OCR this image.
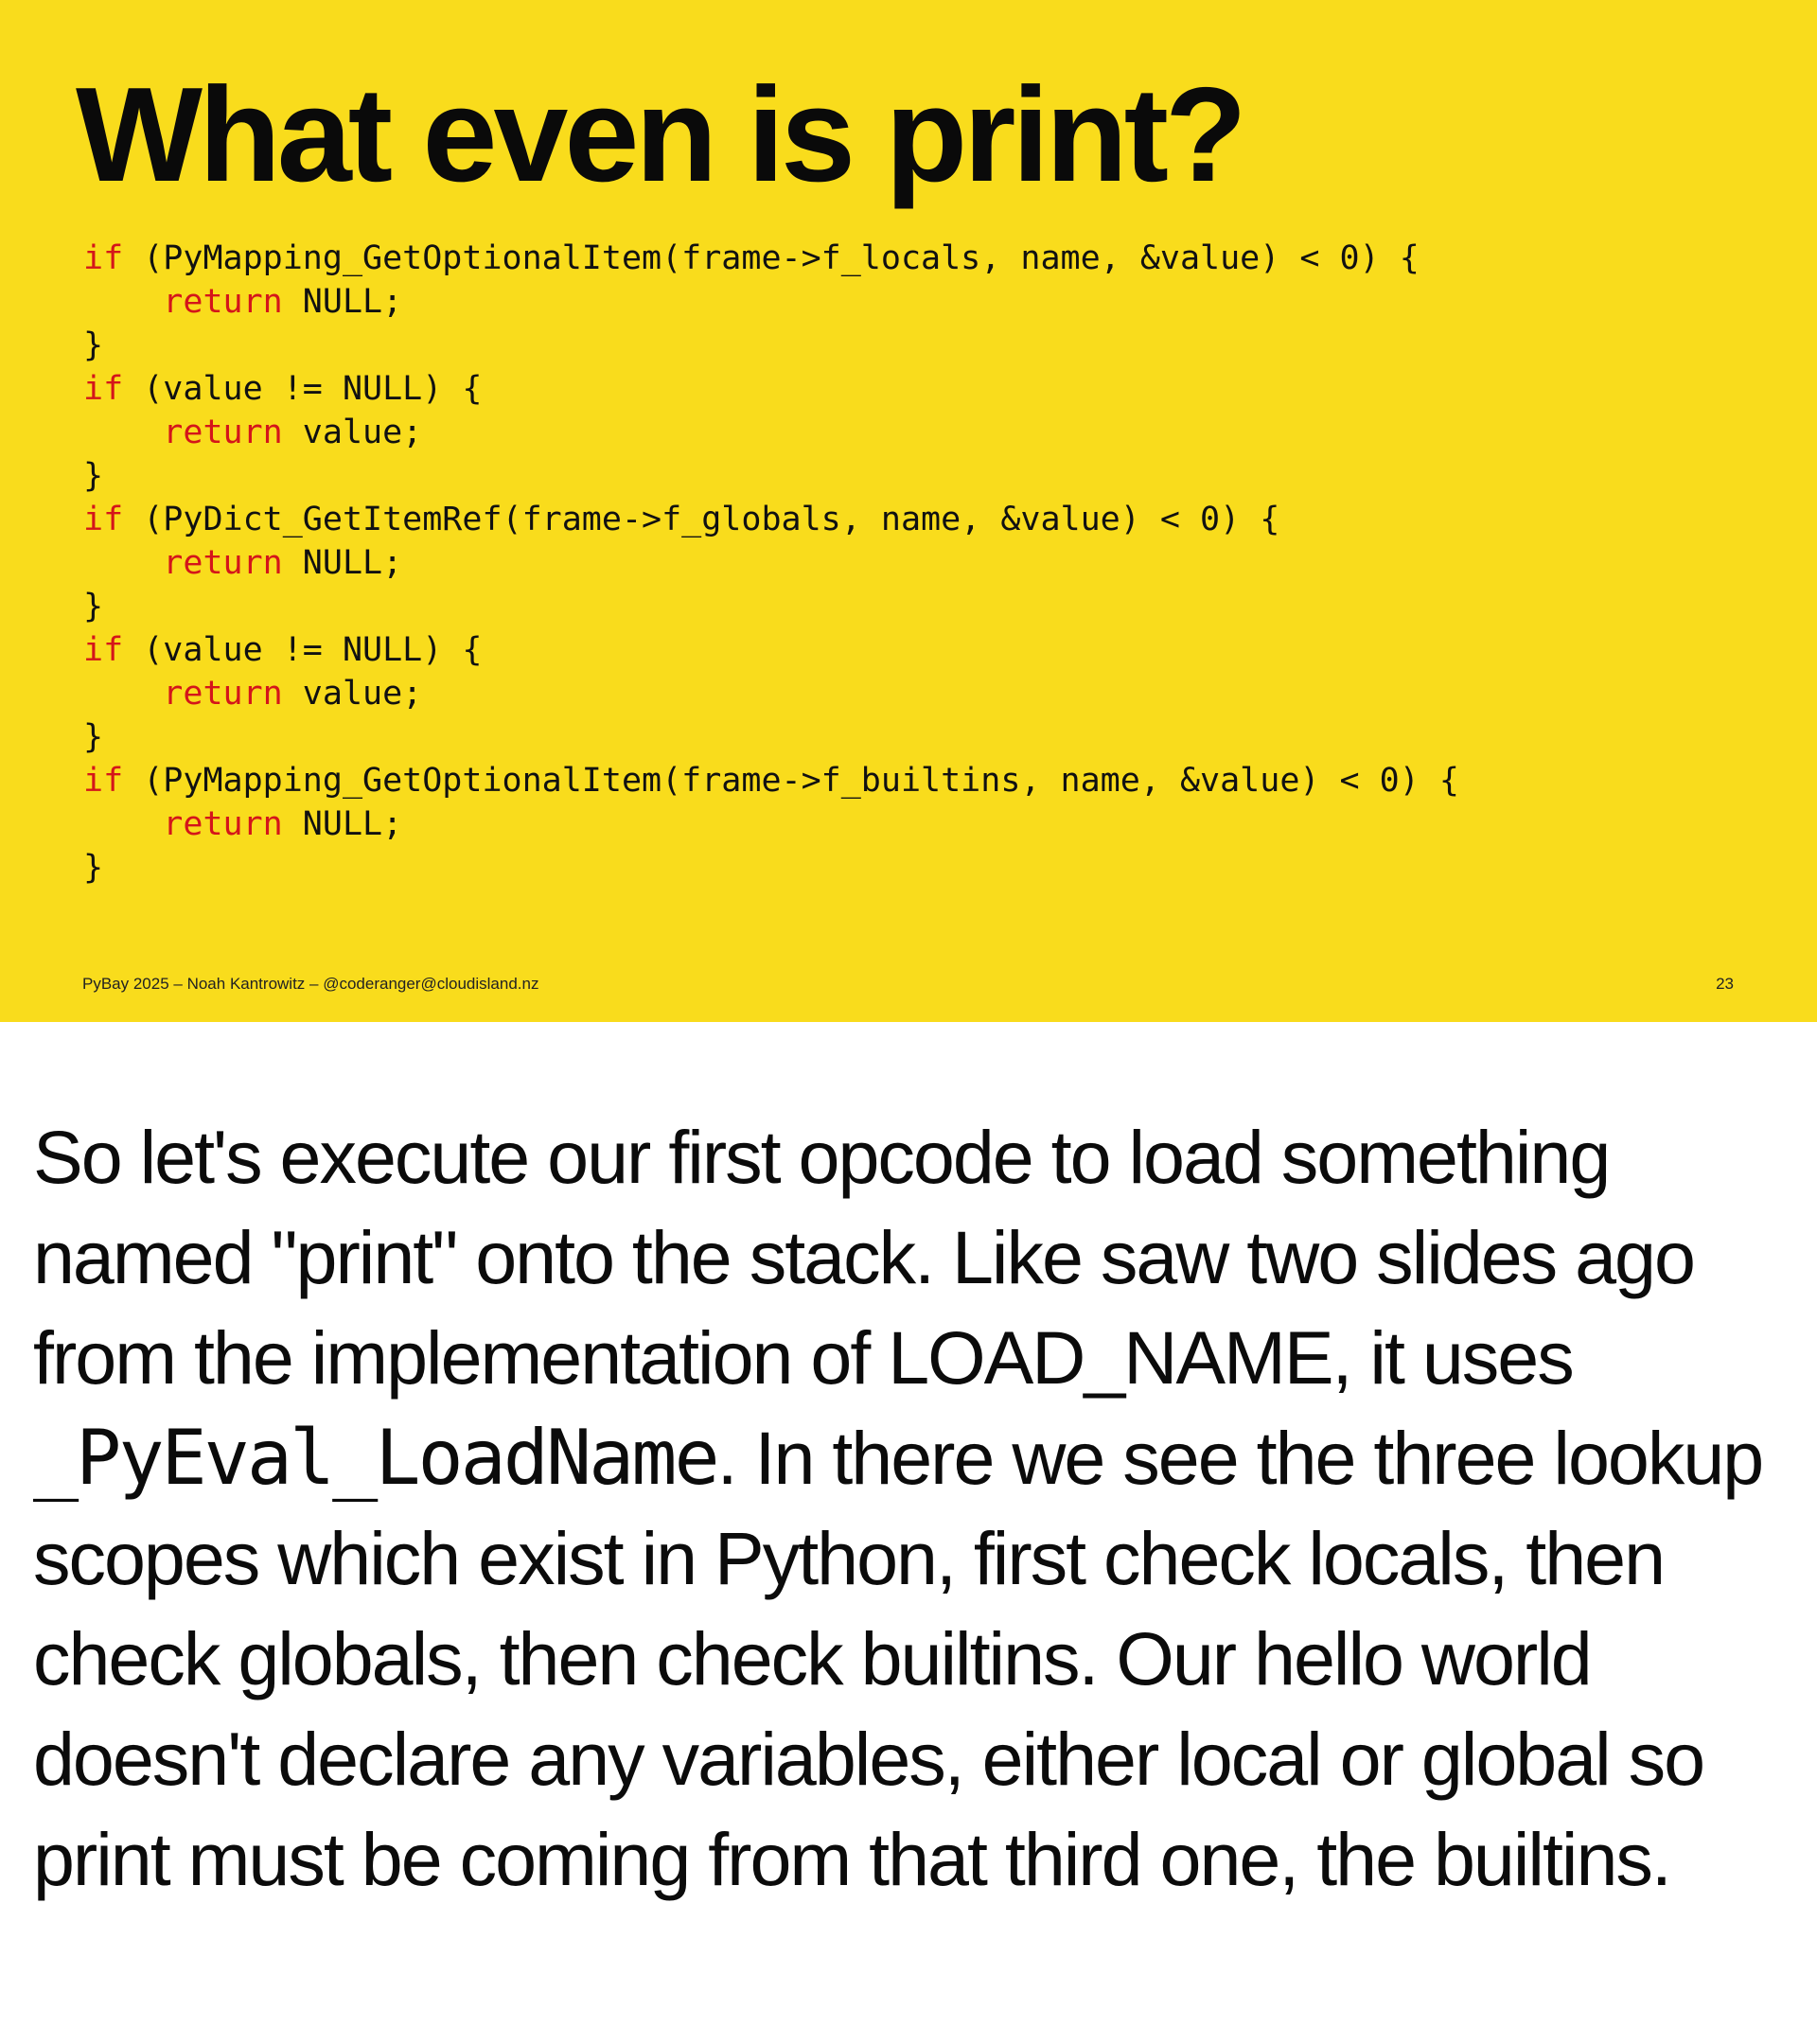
What even is print?
if (PyMapping_GetOptionalItem(frame->f_locals, name, &value) < 0) {
return NULL;
}
if (value != NULL) {
return value;
}
if (PyDict_GetItemRef(frame->f_globals, name, &value) < 0) {
return NULL;
}
if (value != NULL) {
return value;
}
if (PyMapping_GetOptionalItem(frame->f_builtins, name, &value) < 0) {
return NULL;
}
PyBay 2025 – Noah Kantrowitz – @coderanger@cloudisland.nz	23

So let's execute our first opcode to load something named "print" onto the stack. Like saw two slides ago from the implementation of LOAD_NAME, it uses _PyEval_LoadName. In there we see the three lookup scopes which exist in Python, first check locals, then check globals, then check builtins. Our hello world doesn't declare any variables, either local or global so print must be coming from that third one, the builtins.
